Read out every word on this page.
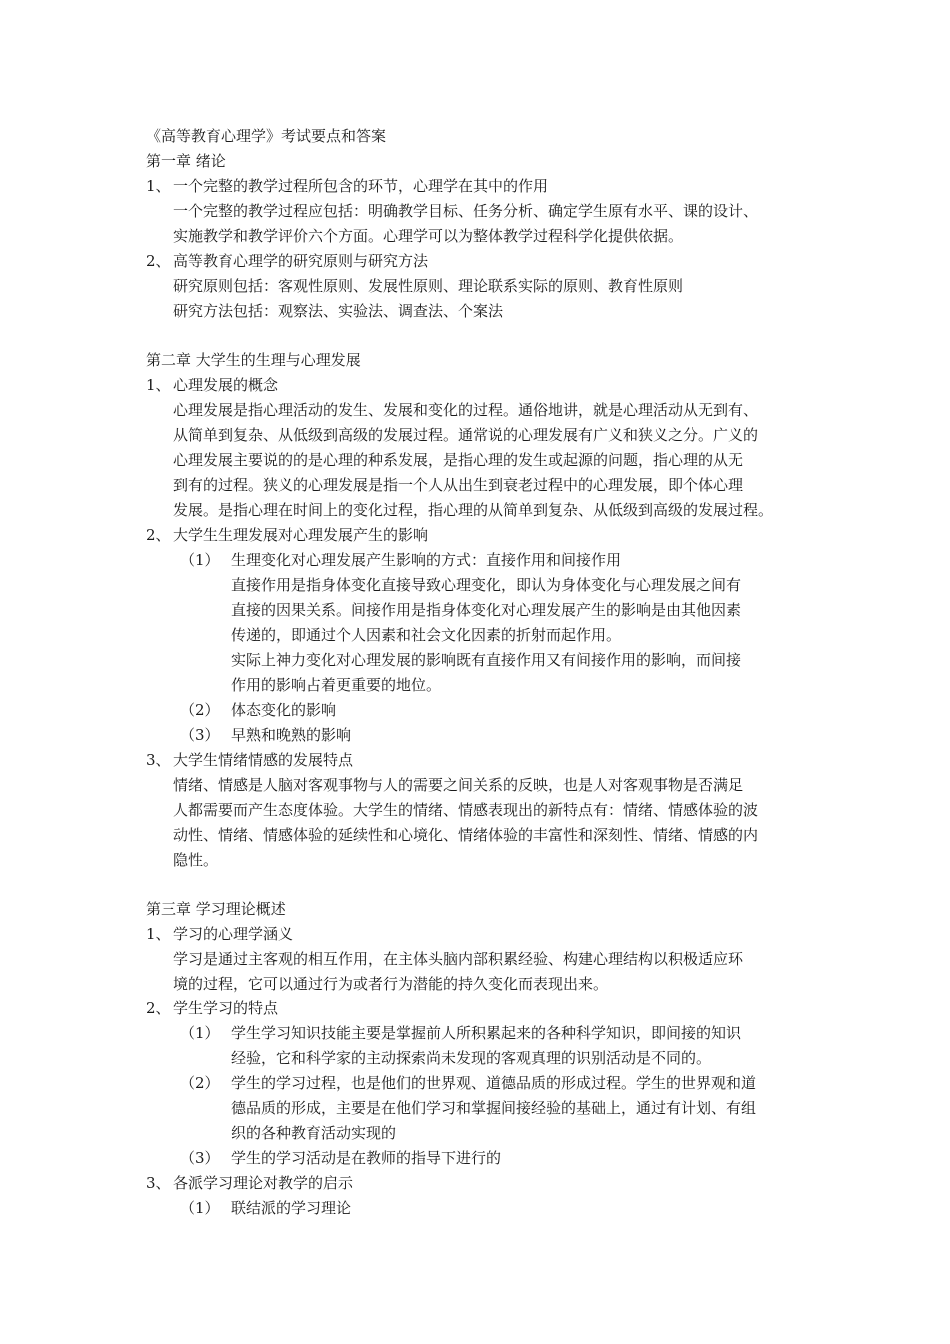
《高等教育心理学》考试要点和答案
第一章 绪论
1、 一个完整的教学过程所包含的环节，心理学在其中的作用
一个完整的教学过程应包括：明确教学目标、任务分析、确定学生原有水平、课的设计、
实施教学和教学评价六个方面。心理学可以为整体教学过程科学化提供依据。
2、 高等教育心理学的研究原则与研究方法
研究原则包括：客观性原则、发展性原则、理论联系实际的原则、教育性原则
研究方法包括：观察法、实验法、调查法、个案法
第二章 大学生的生理与心理发展
1、 心理发展的概念
心理发展是指心理活动的发生、发展和变化的过程。通俗地讲，就是心理活动从无到有、
从简单到复杂、从低级到高级的发展过程。通常说的心理发展有广义和狭义之分。广义的
心理发展主要说的的是心理的种系发展，是指心理的发生或起源的问题，指心理的从无
到有的过程。狭义的心理发展是指一个人从出生到衰老过程中的心理发展，即个体心理
发展。是指心理在时间上的变化过程，指心理的从简单到复杂、从低级到高级的发展过程。
2、 大学生生理发展对心理发展产生的影响
（1） 生理变化对心理发展产生影响的方式：直接作用和间接作用
直接作用是指身体变化直接导致心理变化，即认为身体变化与心理发展之间有
直接的因果关系。间接作用是指身体变化对心理发展产生的影响是由其他因素
传递的，即通过个人因素和社会文化因素的折射而起作用。
实际上神力变化对心理发展的影响既有直接作用又有间接作用的影响，而间接
作用的影响占着更重要的地位。
（2） 体态变化的影响
（3） 早熟和晚熟的影响
3、 大学生情绪情感的发展特点
情绪、情感是人脑对客观事物与人的需要之间关系的反映，也是人对客观事物是否满足
人都需要而产生态度体验。大学生的情绪、情感表现出的新特点有：情绪、情感体验的波
动性、情绪、情感体验的延续性和心境化、情绪体验的丰富性和深刻性、情绪、情感的内
隐性。
第三章 学习理论概述
1、 学习的心理学涵义
学习是通过主客观的相互作用，在主体头脑内部积累经验、构建心理结构以积极适应环
境的过程，它可以通过行为或者行为潜能的持久变化而表现出来。
2、 学生学习的特点
（1） 学生学习知识技能主要是掌握前人所积累起来的各种科学知识，即间接的知识
经验，它和科学家的主动探索尚未发现的客观真理的识别活动是不同的。
（2） 学生的学习过程，也是他们的世界观、道德品质的形成过程。学生的世界观和道
德品质的形成，主要是在他们学习和掌握间接经验的基础上，通过有计划、有组
织的各种教育活动实现的
（3） 学生的学习活动是在教师的指导下进行的
3、 各派学习理论对教学的启示
（1） 联结派的学习理论
